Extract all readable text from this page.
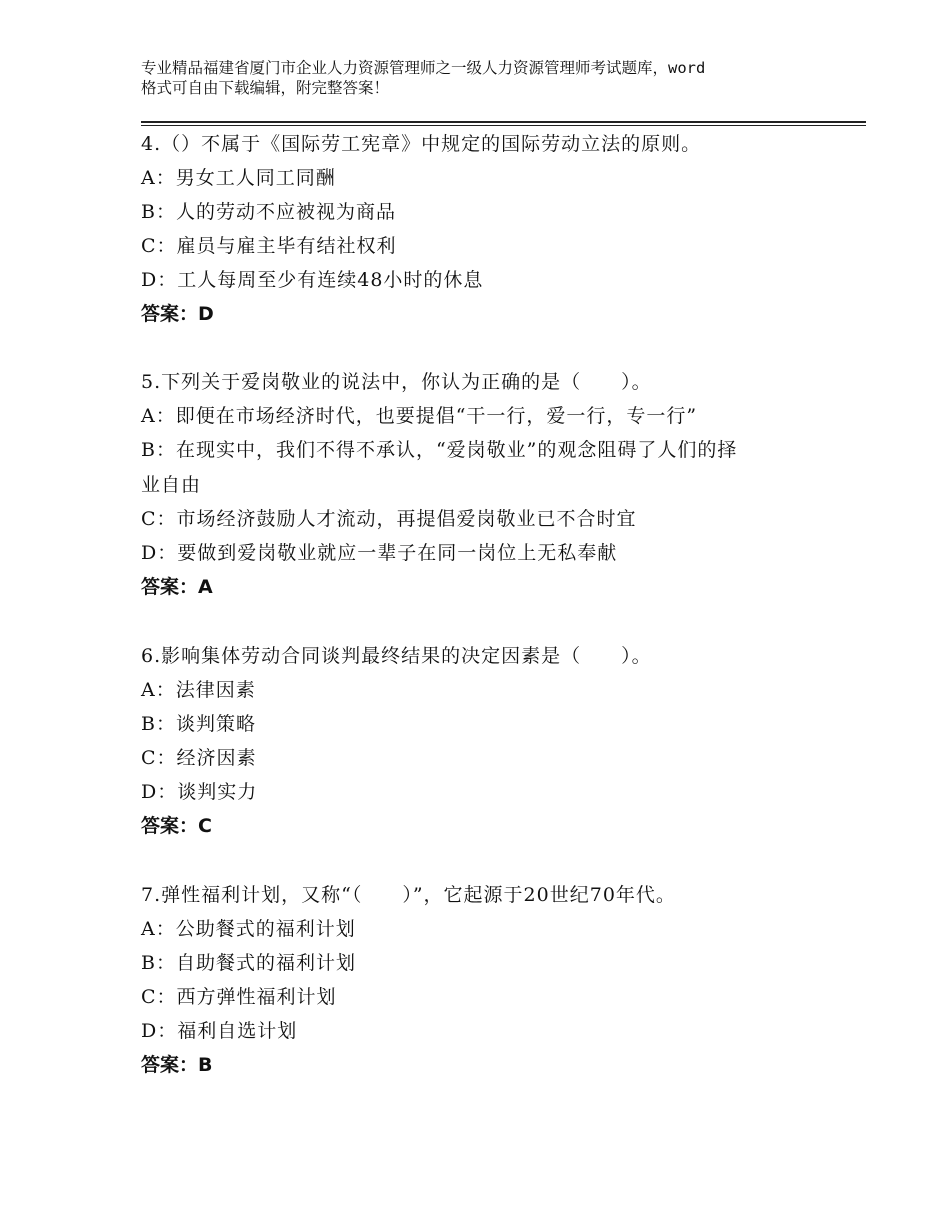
专业精品福建省厦门市企业人力资源管理师之一级人力资源管理师考试题库，word
格式可自由下载编辑，附完整答案！
4.（）不属于《国际劳工宪章》中规定的国际劳动立法的原则。
A：男女工人同工同酬
B：人的劳动不应被视为商品
C：雇员与雇主毕有结社权利
D：工人每周至少有连续48小时的休息
答案：D
5.下列关于爱岗敬业的说法中，你认为正确的是（　　）。
A：即便在市场经济时代，也要提倡“干一行，爱一行，专一行”
B：在现实中，我们不得不承认，“爱岗敬业”的观念阻碍了人们的择
业自由
C：市场经济鼓励人才流动，再提倡爱岗敬业已不合时宜
D：要做到爱岗敬业就应一辈子在同一岗位上无私奉献
答案：A
6.影响集体劳动合同谈判最终结果的决定因素是（　　）。
A：法律因素
B：谈判策略
C：经济因素
D：谈判实力
答案：C
7.弹性福利计划，又称“（　　）”，它起源于20世纪70年代。
A：公助餐式的福利计划
B：自助餐式的福利计划
C：西方弹性福利计划
D：福利自选计划
答案：B
